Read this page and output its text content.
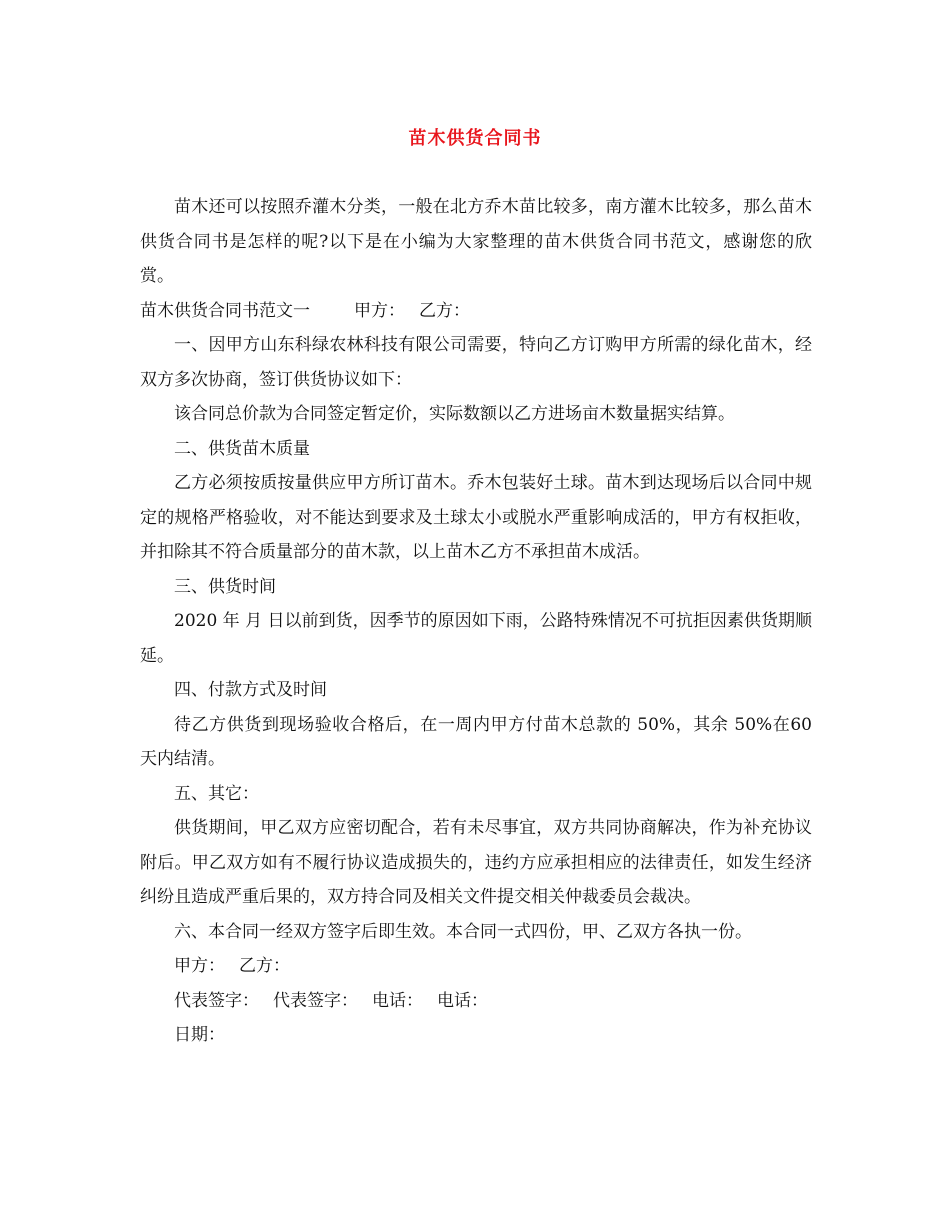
苗木供货合同书

苗木还可以按照乔灌木分类，一般在北方乔木苗比较多，南方灌木比较多，那么苗木供货合同书是怎样的呢?以下是在小编为大家整理的苗木供货合同书范文，感谢您的欣赏。

苗木供货合同书范文一	甲方： 乙方：

一、因甲方山东科绿农林科技有限公司需要，特向乙方订购甲方所需的绿化苗木，经双方多次协商，签订供货协议如下：

该合同总价款为合同签定暂定价，实际数额以乙方进场亩木数量据实结算。

二、供货苗木质量

乙方必须按质按量供应甲方所订苗木。乔木包装好土球。苗木到达现场后以合同中规定的规格严格验收，对不能达到要求及土球太小或脱水严重影响成活的，甲方有权拒收，并扣除其不符合质量部分的苗木款，以上苗木乙方不承担苗木成活。

三、供货时间

2020 年 月 日以前到货，因季节的原因如下雨，公路特殊情况不可抗拒因素供货期顺延。

四、付款方式及时间

待乙方供货到现场验收合格后，在一周内甲方付苗木总款的 50%，其余 50%在60 天内结清。

五、其它：

供货期间，甲乙双方应密切配合，若有未尽事宜，双方共同协商解决，作为补充协议附后。甲乙双方如有不履行协议造成损失的，违约方应承担相应的法律责任，如发生经济纠纷且造成严重后果的，双方持合同及相关文件提交相关仲裁委员会裁决。

六、本合同一经双方签字后即生效。本合同一式四份，甲、乙双方各执一份。

甲方： 乙方：

代表签字： 代表签字： 电话： 电话：

日期：
